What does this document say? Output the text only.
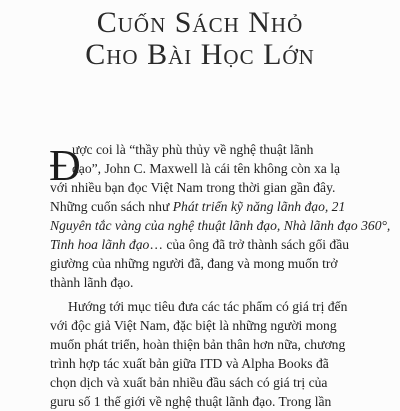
Cuốn Sách Nhỏ
Cho Bài Học Lớn
Đ
ược coi là “thầy phù thủy về nghệ thuật lãnh
đạo”, John C. Maxwell là cái tên không còn xa lạ
với nhiều bạn đọc Việt Nam trong thời gian gần đây.
Những cuốn sách như Phát triển kỹ năng lãnh đạo, 21
Nguyên tắc vàng của nghệ thuật lãnh đạo, Nhà lãnh đạo 360°,
Tinh hoa lãnh đạo… của ông đã trở thành sách gối đầu
giường của những người đã, đang và mong muốn trở
thành lãnh đạo.
Hướng tới mục tiêu đưa các tác phẩm có giá trị đến
với độc giả Việt Nam, đặc biệt là những người mong
muốn phát triển, hoàn thiện bản thân hơn nữa, chương
trình hợp tác xuất bản giữa ITD và Alpha Books đã
chọn dịch và xuất bản nhiều đầu sách có giá trị của
guru số 1 thế giới về nghệ thuật lãnh đạo. Trong lần
